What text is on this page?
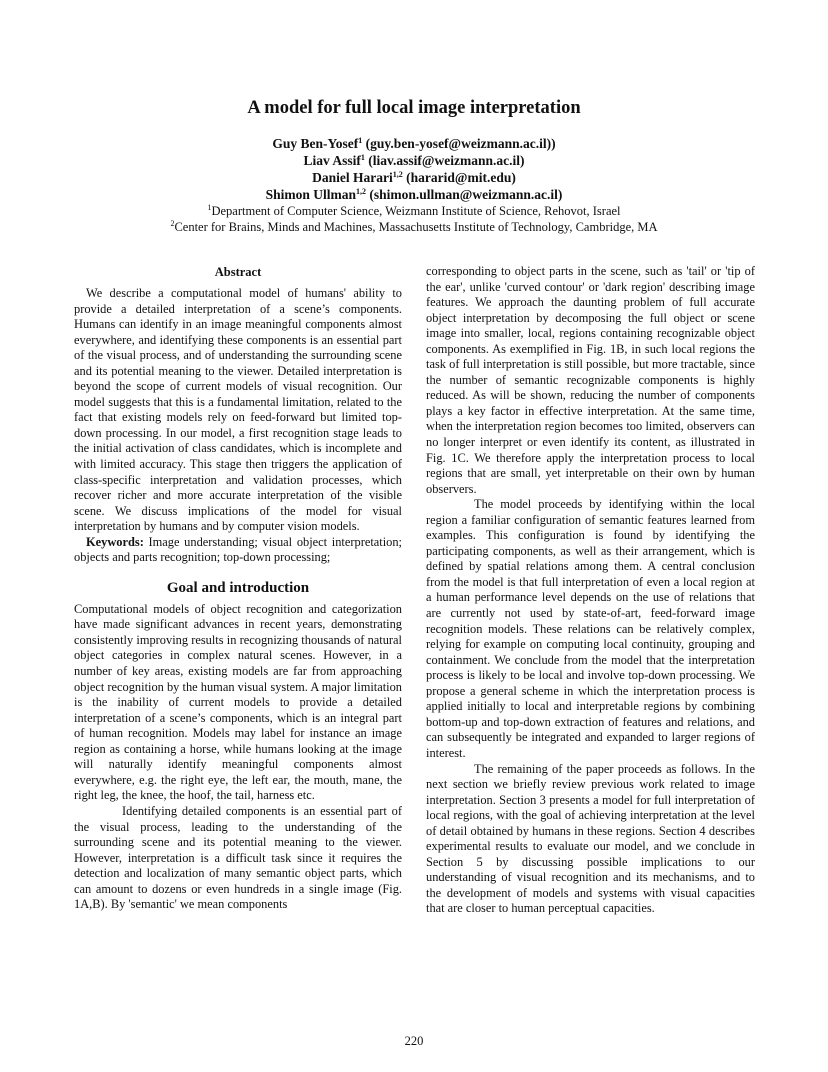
A model for full local image interpretation
Guy Ben-Yosef$^1$ (guy.ben-yosef@weizmann.ac.il))
Liav Assif$^1$ (liav.assif@weizmann.ac.il)
Daniel Harari$^{1,2}$ (hararid@mit.edu)
Shimon Ullman$^{1,2}$ (shimon.ullman@weizmann.ac.il)
$^1$Department of Computer Science, Weizmann Institute of Science, Rehovot, Israel
$^2$Center for Brains, Minds and Machines, Massachusetts Institute of Technology, Cambridge, MA
Abstract

We describe a computational model of humans' ability to provide a detailed interpretation of a scene’s components. Humans can identify in an image meaningful components almost everywhere, and identifying these components is an essential part of the visual process, and of understanding the surrounding scene and its potential meaning to the viewer. Detailed interpretation is beyond the scope of current models of visual recognition. Our model suggests that this is a fundamental limitation, related to the fact that existing models rely on feed-forward but limited top-down processing. In our model, a first recognition stage leads to the initial activation of class candidates, which is incomplete and with limited accuracy. This stage then triggers the application of class-specific interpretation and validation processes, which recover richer and more accurate interpretation of the visible scene. We discuss implications of the model for visual interpretation by humans and by computer vision models.

Keywords: Image understanding; visual object interpretation; objects and parts recognition; top-down processing;

Goal and introduction

Computational models of object recognition and categorization have made significant advances in recent years, demonstrating consistently improving results in recognizing thousands of natural object categories in complex natural scenes. However, in a number of key areas, existing models are far from approaching object recognition by the human visual system. A major limitation is the inability of current models to provide a detailed interpretation of a scene’s components, which is an integral part of human recognition. Models may label for instance an image region as containing a horse, while humans looking at the image will naturally identify meaningful components almost everywhere, e.g. the right eye, the left ear, the mouth, mane, the right leg, the knee, the hoof, the tail, harness etc.

Identifying detailed components is an essential part of the visual process, leading to the understanding of the surrounding scene and its potential meaning to the viewer. However, interpretation is a difficult task since it requires the detection and localization of many semantic object parts, which can amount to dozens or even hundreds in a single image (Fig. 1A,B). By 'semantic' we mean components

corresponding to object parts in the scene, such as 'tail' or 'tip of the ear', unlike 'curved contour' or 'dark region' describing image features. We approach the daunting problem of full accurate object interpretation by decomposing the full object or scene image into smaller, local, regions containing recognizable object components. As exemplified in Fig. 1B, in such local regions the task of full interpretation is still possible, but more tractable, since the number of semantic recognizable components is highly reduced. As will be shown, reducing the number of components plays a key factor in effective interpretation. At the same time, when the interpretation region becomes too limited, observers can no longer interpret or even identify its content, as illustrated in Fig. 1C. We therefore apply the interpretation process to local regions that are small, yet interpretable on their own by human observers.

The model proceeds by identifying within the local region a familiar configuration of semantic features learned from examples. This configuration is found by identifying the participating components, as well as their arrangement, which is defined by spatial relations among them. A central conclusion from the model is that full interpretation of even a local region at a human performance level depends on the use of relations that are currently not used by state-of-art, feed-forward image recognition models. These relations can be relatively complex, relying for example on computing local continuity, grouping and containment. We conclude from the model that the interpretation process is likely to be local and involve top-down processing. We propose a general scheme in which the interpretation process is applied initially to local and interpretable regions by combining bottom-up and top-down extraction of features and relations, and can subsequently be integrated and expanded to larger regions of interest.

The remaining of the paper proceeds as follows. In the next section we briefly review previous work related to image interpretation. Section 3 presents a model for full interpretation of local regions, with the goal of achieving interpretation at the level of detail obtained by humans in these regions. Section 4 describes experimental results to evaluate our model, and we conclude in Section 5 by discussing possible implications to our understanding of visual recognition and its mechanisms, and to the development of models and systems with visual capacities that are closer to human perceptual capacities.

220
